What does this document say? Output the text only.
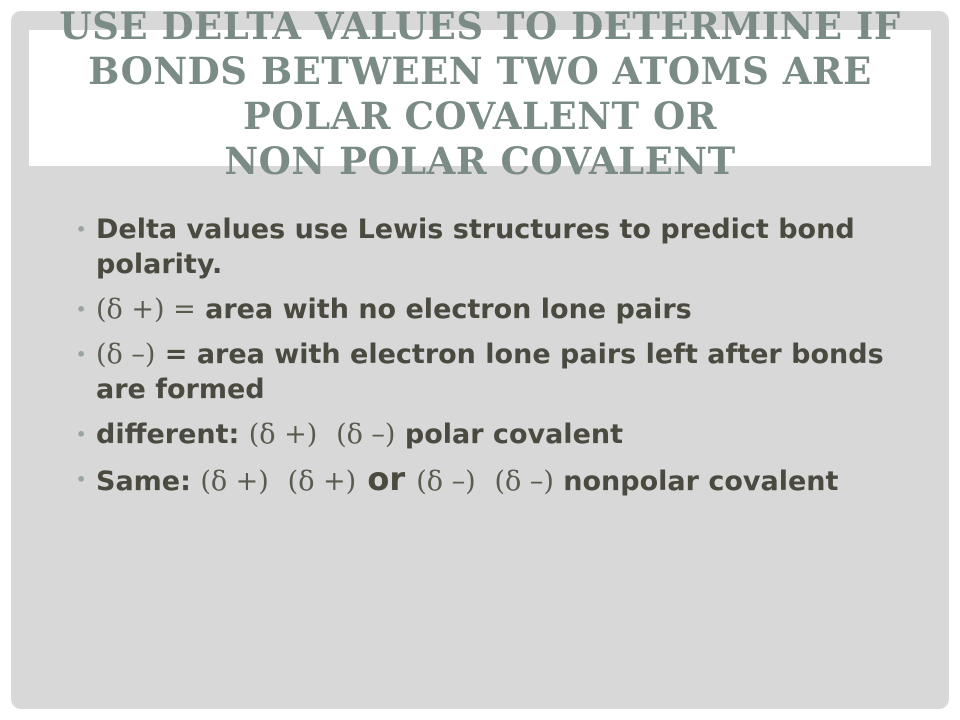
USE DELTA VALUES TO DETERMINE IF
BONDS BETWEEN TWO ATOMS ARE
POLAR COVALENT OR
NON POLAR COVALENT
• Delta values use Lewis structures to predict bond polarity.
• (δ +) = area with no electron lone pairs
• (δ –) = area with electron lone pairs left after bonds are formed
• different: (δ +) (δ –) polar covalent
• Same: (δ +) (δ +) or (δ –) (δ –) nonpolar covalent
